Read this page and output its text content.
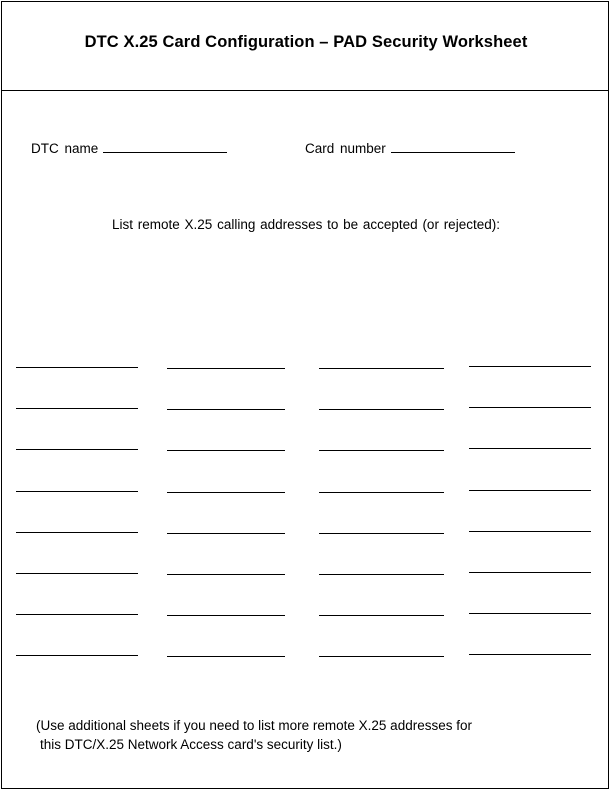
DTC X.25 Card Configuration – PAD Security Worksheet
DTC name	Card number
List remote X.25 calling addresses to be accepted (or rejected):
(Use additional sheets if you need to list more remote X.25 addresses for
this DTC/X.25 Network Access card's security list.)
